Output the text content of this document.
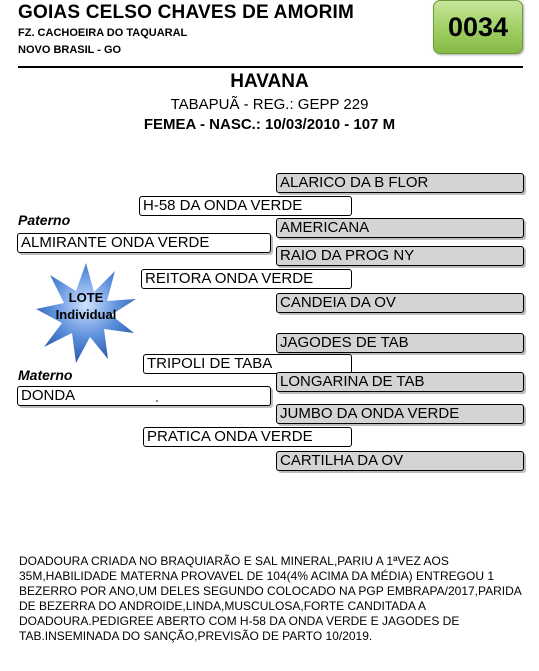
GOIAS CELSO CHAVES DE AMORIM
FZ. CACHOEIRA DO TAQUARAL
NOVO BRASIL - GO
0034
HAVANA
TABAPUÃ - REG.: GEPP 229
FEMEA - NASC.: 10/03/2010 - 107 M
ALARICO DA B FLOR
H-58 DA ONDA VERDE
Paterno	AMERICANA
ALMIRANTE ONDA VERDE
RAIO DA PROG NY
REITORA ONDA VERDE
CANDEIA DA OV
LOTE
Individual
JAGODES DE TAB
TRIPOLI DE TABA
Materno	LONGARINA DE TAB
DONDA
JUMBO DA ONDA VERDE
PRATICA ONDA VERDE
CARTILHA DA OV
DOADOURA CRIADA NO BRAQUIARÃO E SAL MINERAL,PARIU A 1ªVEZ AOS 35M,HABILIDADE MATERNA PROVAVEL DE 104(4% ACIMA DA MÉDIA) ENTREGOU 1 BEZERRO POR ANO,UM DELES SEGUNDO COLOCADO NA PGP EMBRAPA/2017,PARIDA DE BEZERRA DO ANDROIDE,LINDA,MUSCULOSA,FORTE CANDITADA A DOADOURA.PEDIGREE ABERTO COM H-58 DA ONDA VERDE E JAGODES DE TAB.INSEMINADA DO SANÇÃO,PREVISÃO DE PARTO 10/2019.
